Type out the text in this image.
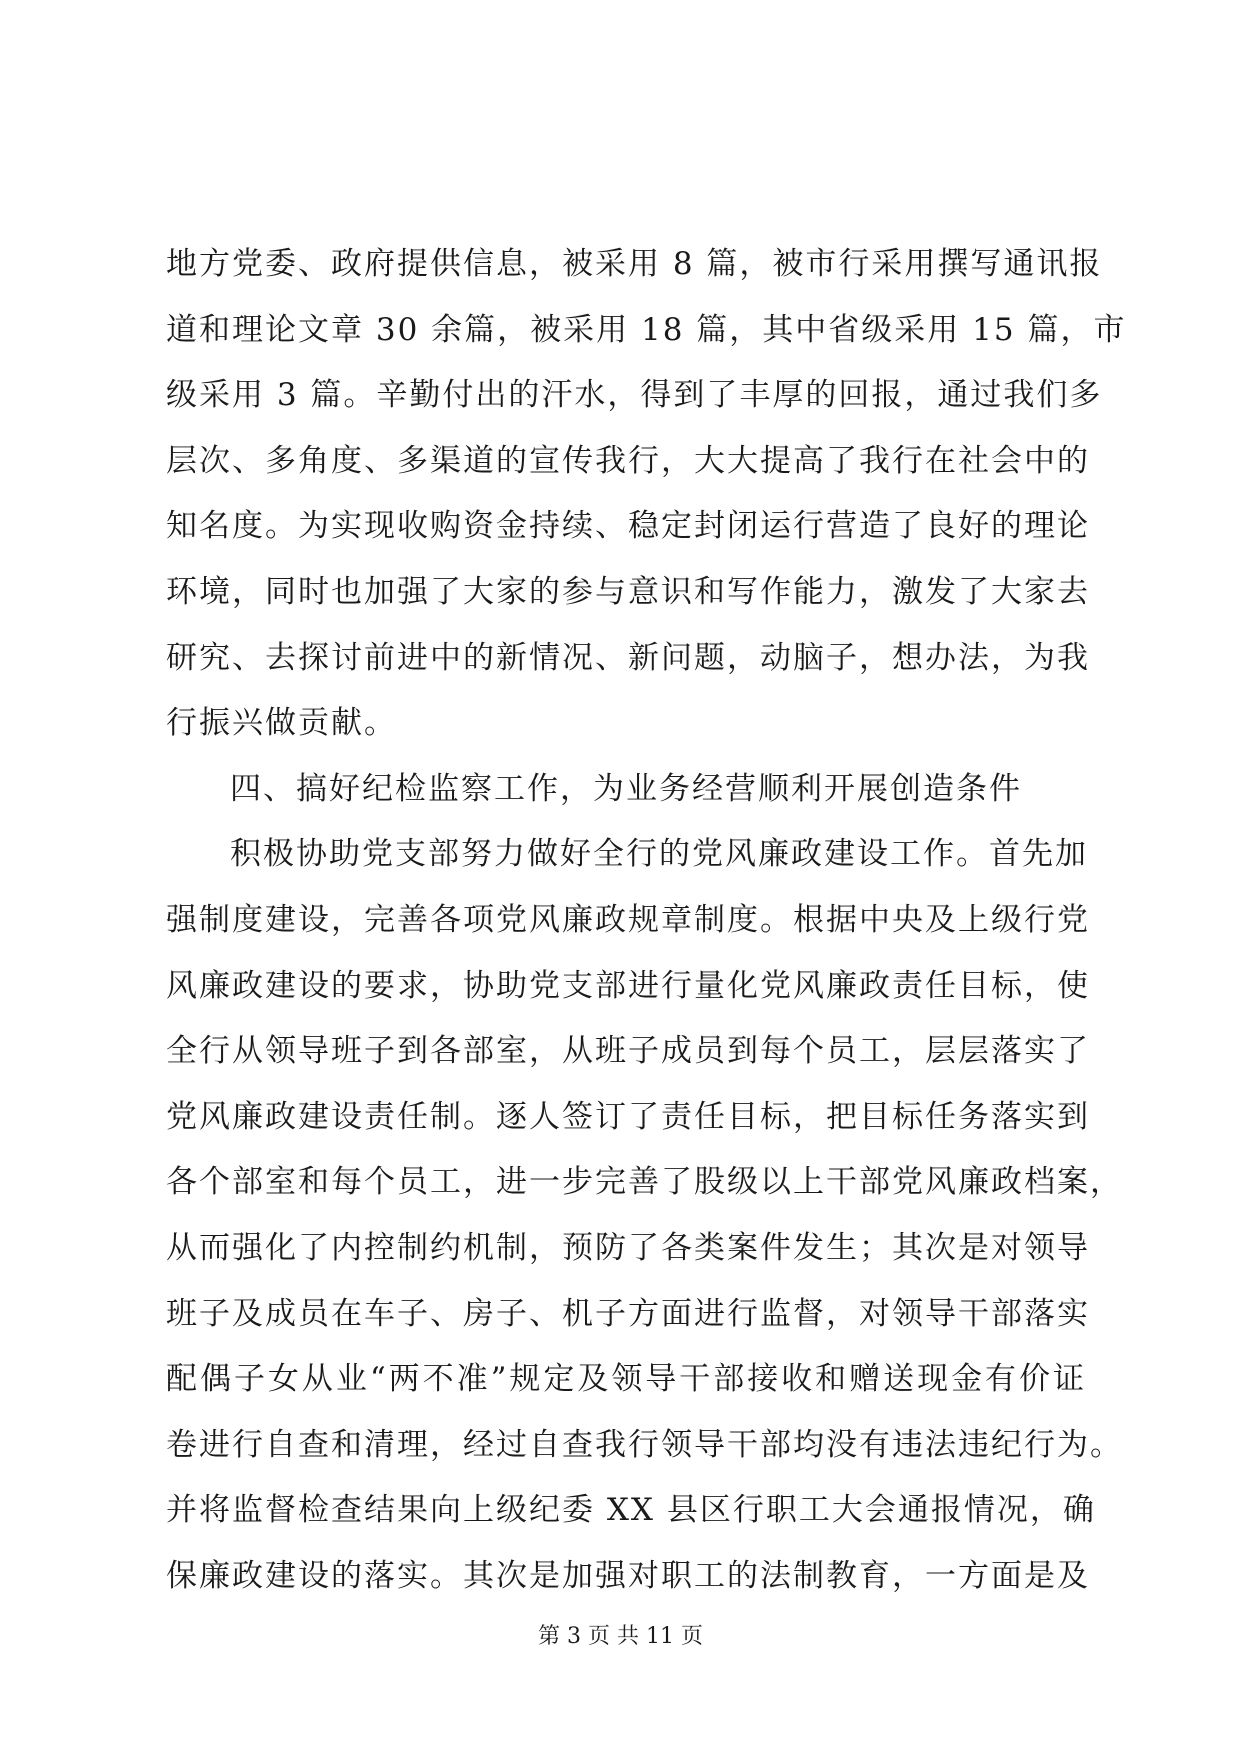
地方党委、政府提供信息，被采用 8 篇，被市行采用撰写通讯报
道和理论文章 30 余篇，被采用 18 篇，其中省级采用 15 篇，市
级采用 3 篇。辛勤付出的汗水，得到了丰厚的回报，通过我们多
层次、多角度、多渠道的宣传我行，大大提高了我行在社会中的
知名度。为实现收购资金持续、稳定封闭运行营造了良好的理论
环境，同时也加强了大家的参与意识和写作能力，激发了大家去
研究、去探讨前进中的新情况、新问题，动脑子，想办法，为我
行振兴做贡献。
四、搞好纪检监察工作，为业务经营顺利开展创造条件
积极协助党支部努力做好全行的党风廉政建设工作。首先加
强制度建设，完善各项党风廉政规章制度。根据中央及上级行党
风廉政建设的要求，协助党支部进行量化党风廉政责任目标，使
全行从领导班子到各部室，从班子成员到每个员工，层层落实了
党风廉政建设责任制。逐人签订了责任目标，把目标任务落实到
各个部室和每个员工，进一步完善了股级以上干部党风廉政档案，
从而强化了内控制约机制，预防了各类案件发生；其次是对领导
班子及成员在车子、房子、机子方面进行监督，对领导干部落实
配偶子女从业“两不准”规定及领导干部接收和赠送现金有价证
卷进行自查和清理，经过自查我行领导干部均没有违法违纪行为。
并将监督检查结果向上级纪委 XX 县区行职工大会通报情况，确
保廉政建设的落实。其次是加强对职工的法制教育，一方面是及
第 3 页 共 11 页
